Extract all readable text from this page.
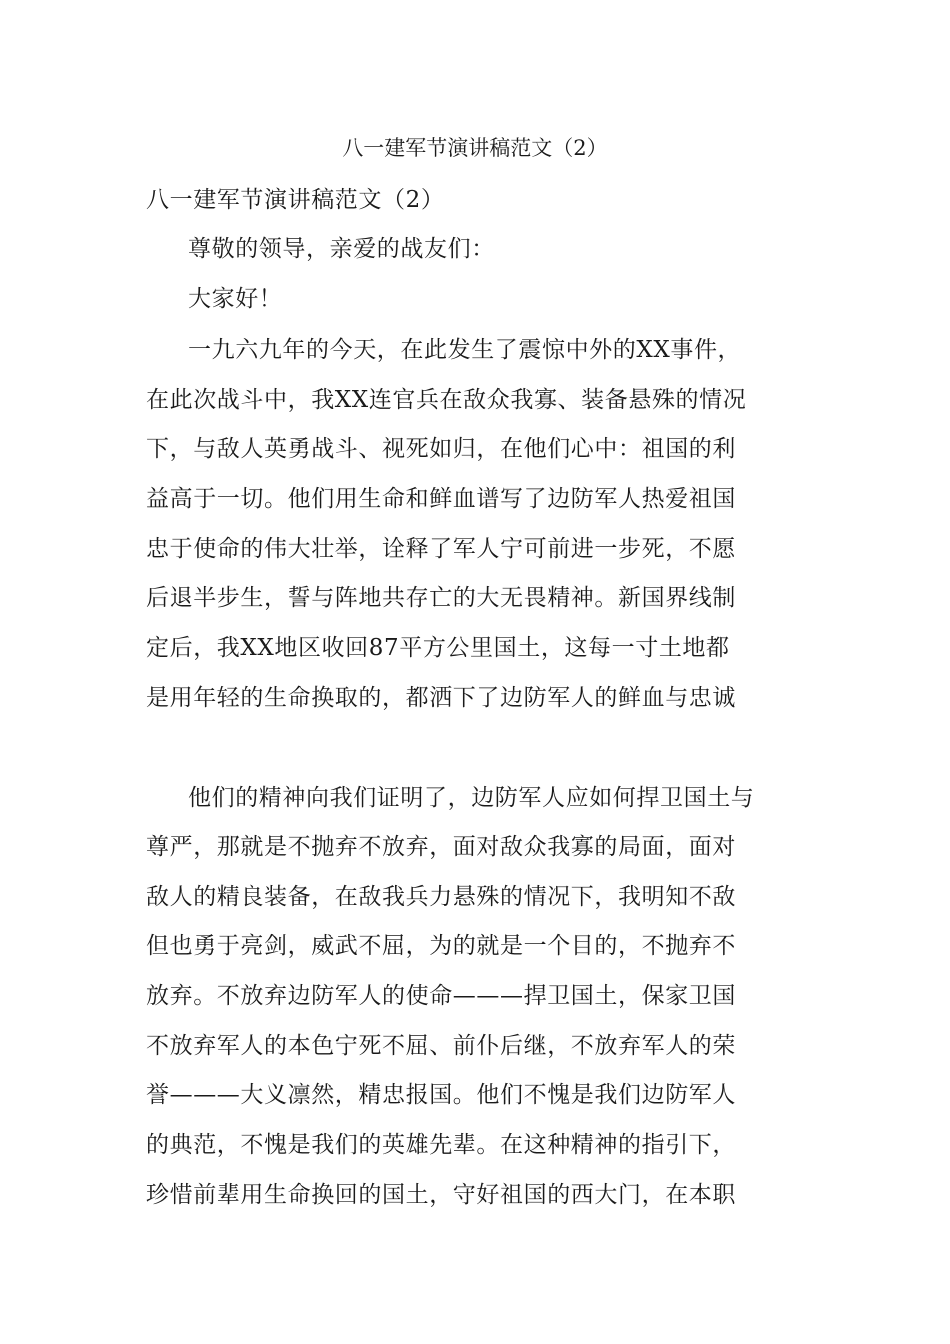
八一建军节演讲稿范文（2）
八一建军节演讲稿范文（2）
尊敬的领导，亲爱的战友们：
大家好！
一九六九年的今天，在此发生了震惊中外的XX事件，
在此次战斗中，我XX连官兵在敌众我寡、装备悬殊的情况
下，与敌人英勇战斗、视死如归，在他们心中：祖国的利
益高于一切。他们用生命和鲜血谱写了边防军人热爱祖国
忠于使命的伟大壮举，诠释了军人宁可前进一步死，不愿
后退半步生，誓与阵地共存亡的大无畏精神。新国界线制
定后，我XX地区收回87平方公里国土，这每一寸土地都
是用年轻的生命换取的，都洒下了边防军人的鲜血与忠诚
他们的精神向我们证明了，边防军人应如何捍卫国土与
尊严，那就是不抛弃不放弃，面对敌众我寡的局面，面对
敌人的精良装备，在敌我兵力悬殊的情况下，我明知不敌
但也勇于亮剑，威武不屈，为的就是一个目的，不抛弃不
放弃。不放弃边防军人的使命———捍卫国土，保家卫国
不放弃军人的本色宁死不屈、前仆后继，不放弃军人的荣
誉———大义凛然，精忠报国。他们不愧是我们边防军人
的典范，不愧是我们的英雄先辈。在这种精神的指引下，
珍惜前辈用生命换回的国土，守好祖国的西大门，在本职
